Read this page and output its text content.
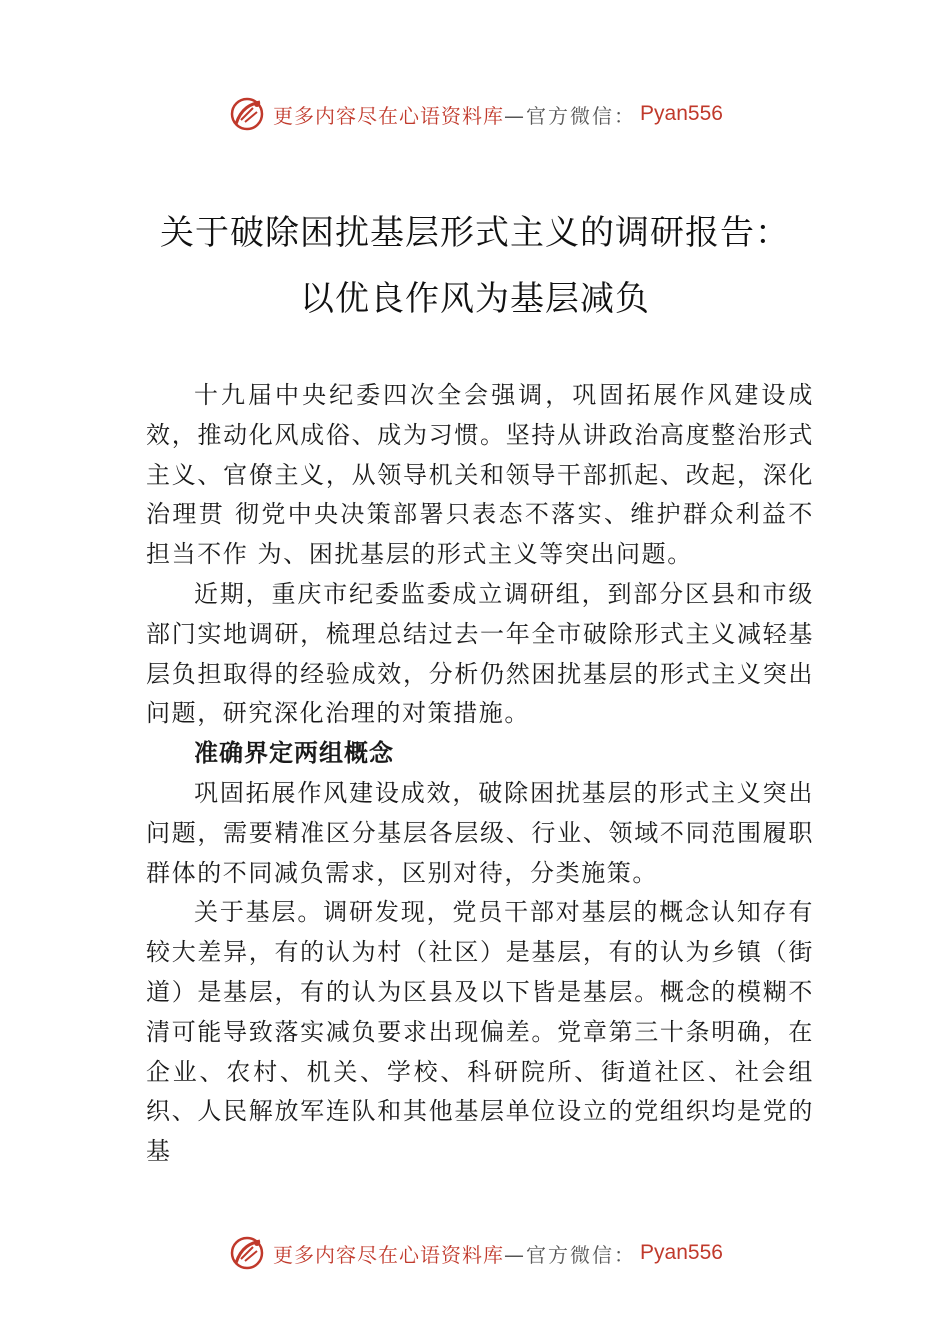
更多内容尽在心语资料库 —官方微信： Pyan556
关于破除困扰基层形式主义的调研报告：
以优良作风为基层减负

十九届中央纪委四次全会强调，巩固拓展作风建设成效，推动化风成俗、成为习惯。坚持从讲政治高度整治形式主义、官僚主义，从领导机关和领导干部抓起、改起，深化治理贯 彻党中央决策部署只表态不落实、维护群众利益不担当不作 为、困扰基层的形式主义等突出问题。

近期，重庆市纪委监委成立调研组，到部分区县和市级部门实地调研，梳理总结过去一年全市破除形式主义减轻基层负担取得的经验成效，分析仍然困扰基层的形式主义突出问题，研究深化治理的对策措施。

准确界定两组概念

巩固拓展作风建设成效，破除困扰基层的形式主义突出问题，需要精准区分基层各层级、行业、领域不同范围履职群体的不同减负需求，区别对待，分类施策。

关于基层。调研发现，党员干部对基层的概念认知存有较大差异，有的认为村（社区）是基层，有的认为乡镇（街道）是基层，有的认为区县及以下皆是基层。概念的模糊不清可能导致落实减负要求出现偏差。党章第三十条明确，在企业、农村、机关、学校、科研院所、街道社区、社会组织、人民解放军连队和其他基层单位设立的党组织均是党的基

更多内容尽在心语资料库 —官方微信： Pyan556
